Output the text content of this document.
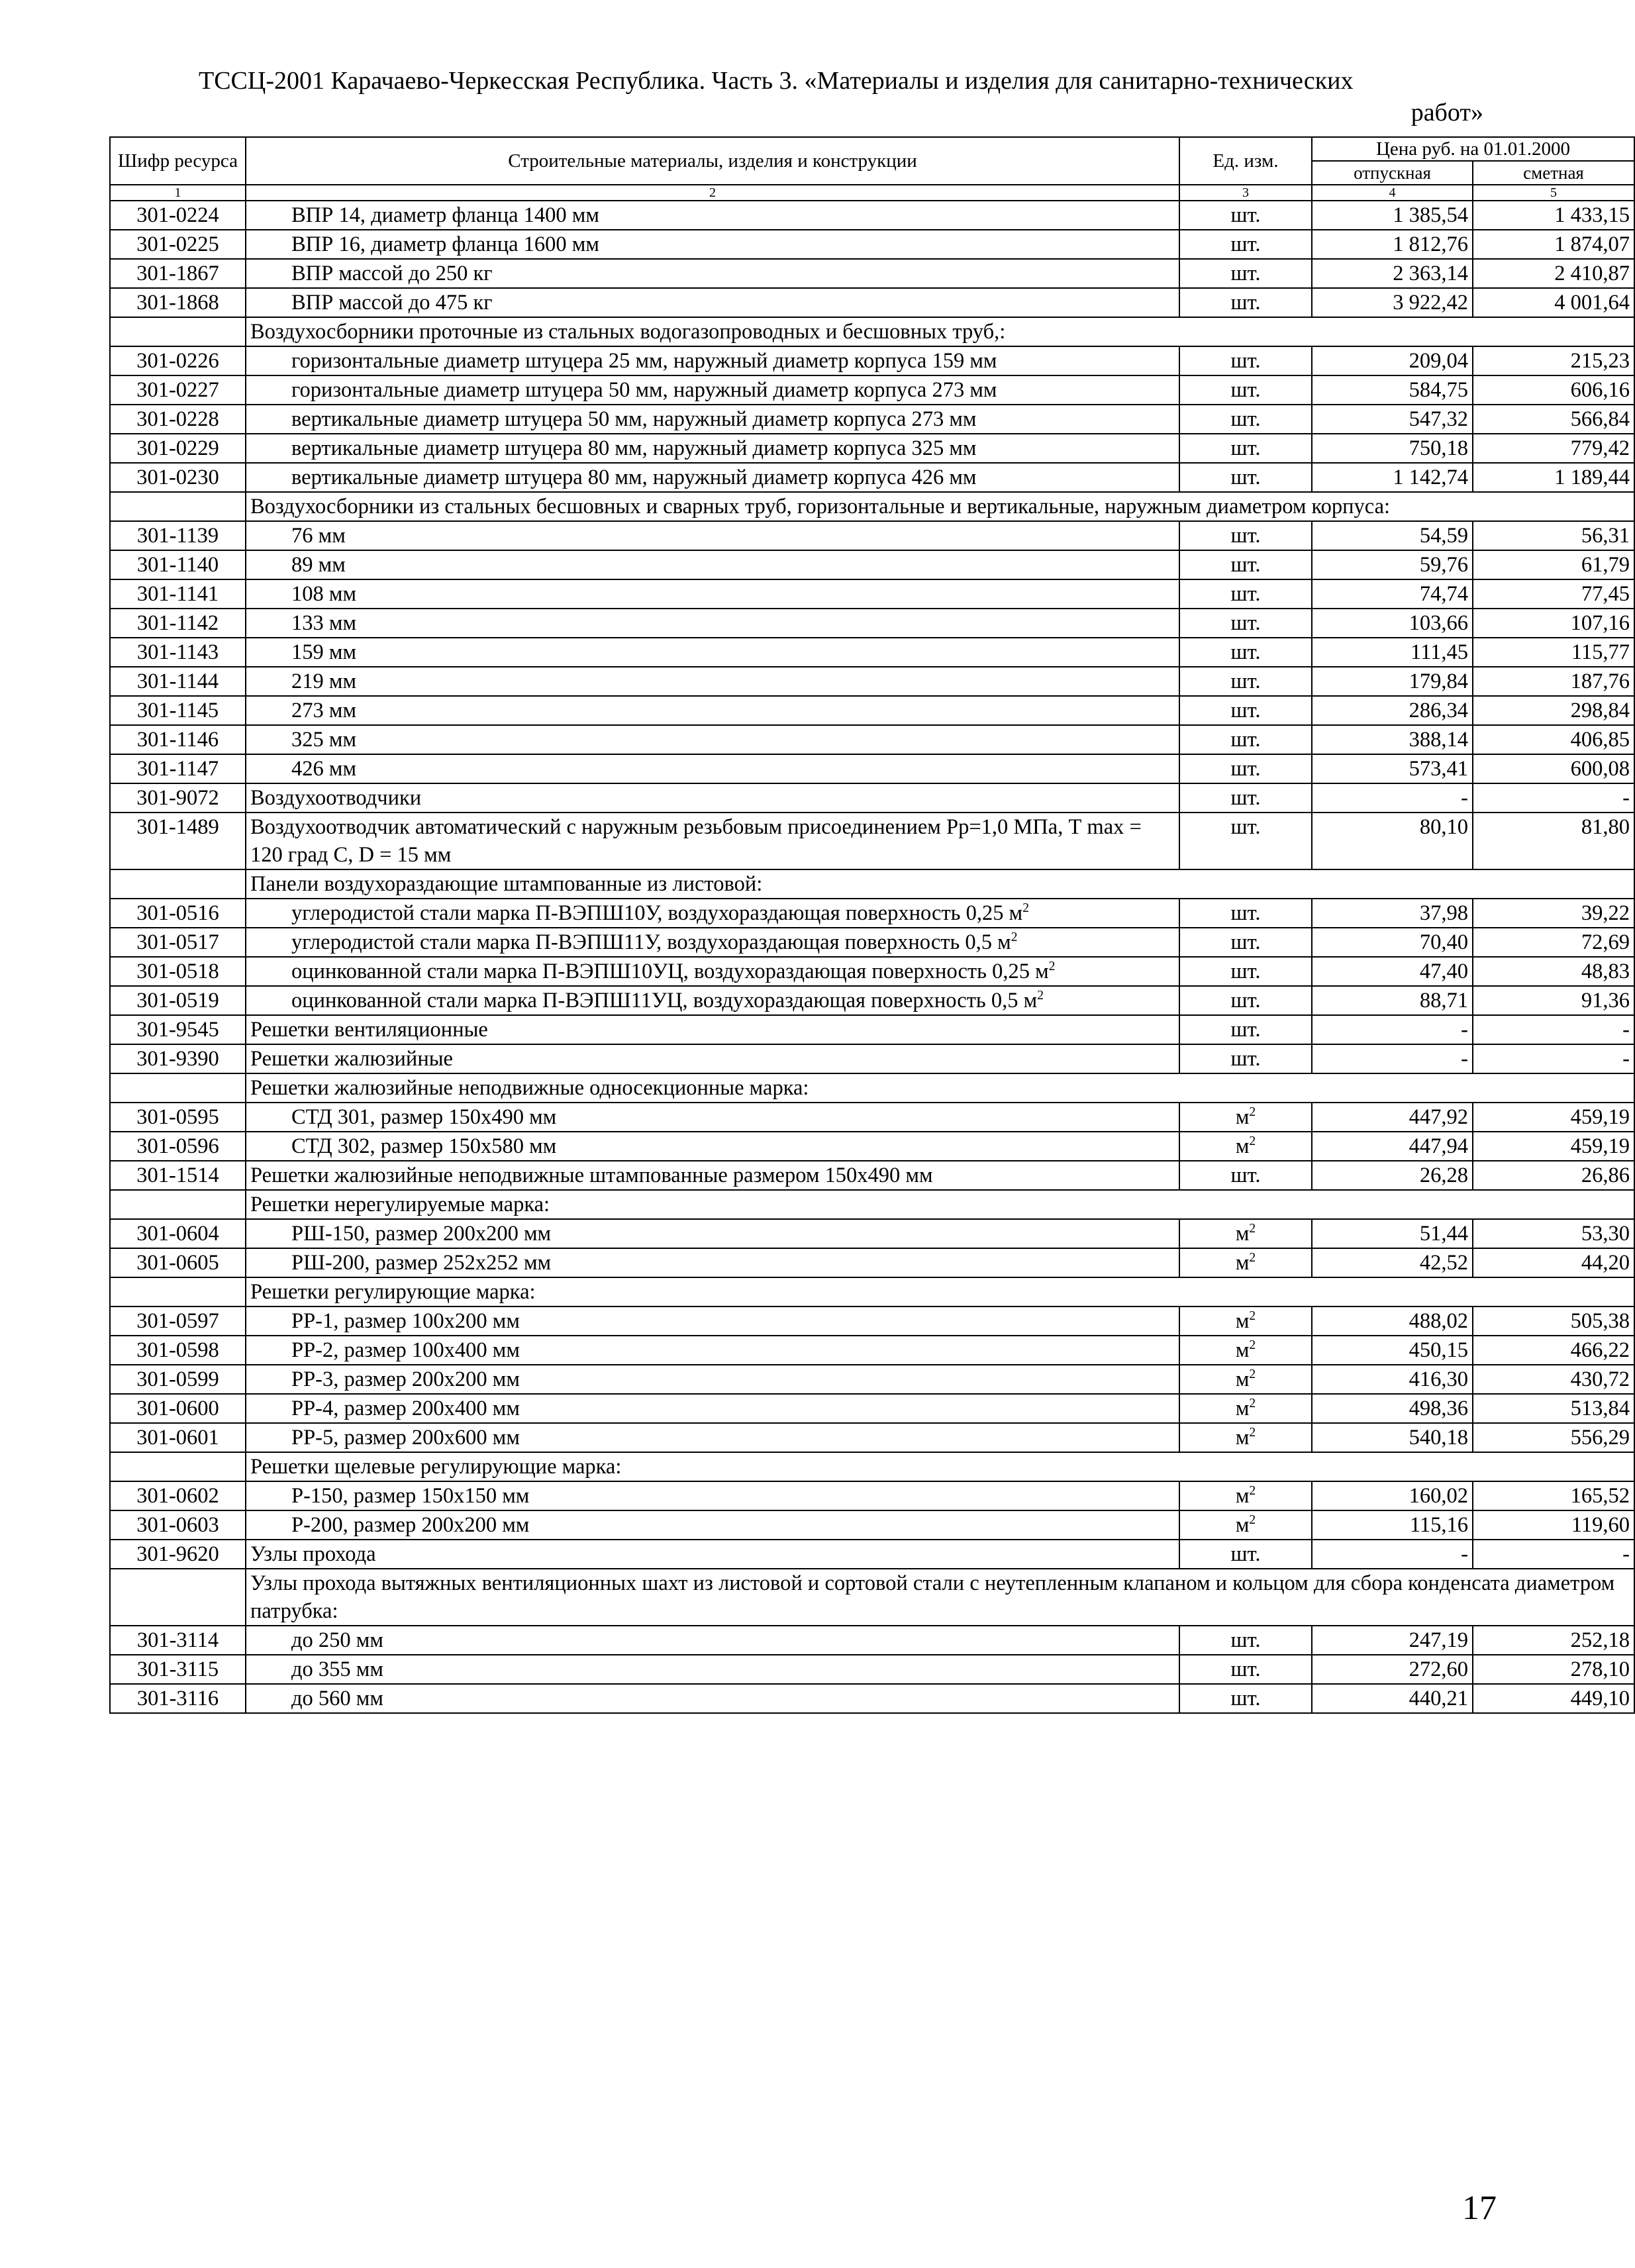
ТССЦ-2001 Карачаево-Черкесская Республика. Часть 3. «Материалы и изделия для санитарно-технических
работ»
Шифр ресурса	Строительные материалы, изделия и конструкции	Ед. изм.	Цена руб. на 01.01.2000	
			отпускная	сметная
1	2	3	4	5
301-0224	ВПР 14, диаметр фланца 1400 мм	шт.	1 385,54	1 433,15
301-0225	ВПР 16, диаметр фланца 1600 мм	шт.	1 812,76	1 874,07
301-1867	ВПР массой до 250 кг	шт.	2 363,14	2 410,87
301-1868	ВПР массой до 475 кг	шт.	3 922,42	4 001,64
	Воздухосборники проточные из стальных водогазопроводных и бесшовных труб,:			
301-0226	горизонтальные диаметр штуцера 25 мм, наружный диаметр корпуса 159 мм	шт.	209,04	215,23
301-0227	горизонтальные диаметр штуцера 50 мм, наружный диаметр корпуса 273 мм	шт.	584,75	606,16
301-0228	вертикальные диаметр штуцера 50 мм, наружный диаметр корпуса 273 мм	шт.	547,32	566,84
301-0229	вертикальные диаметр штуцера 80 мм, наружный диаметр корпуса 325 мм	шт.	750,18	779,42
301-0230	вертикальные диаметр штуцера 80 мм, наружный диаметр корпуса 426 мм	шт.	1 142,74	1 189,44
	Воздухосборники из стальных бесшовных и сварных труб, горизонтальные и вертикальные, наружным диаметром корпуса:			
301-1139	76 мм	шт.	54,59	56,31
301-1140	89 мм	шт.	59,76	61,79
301-1141	108 мм	шт.	74,74	77,45
301-1142	133 мм	шт.	103,66	107,16
301-1143	159 мм	шт.	111,45	115,77
301-1144	219 мм	шт.	179,84	187,76
301-1145	273 мм	шт.	286,34	298,84
301-1146	325 мм	шт.	388,14	406,85
301-1147	426 мм	шт.	573,41	600,08
301-9072	Воздухоотводчики	шт.	-	-
301-1489	Воздухоотводчик автоматический с наружным резьбовым присоединением Рр=1,0 МПа, Т max = 120 град С, D = 15 мм	шт.	80,10	81,80
	Панели воздухораздающие штампованные из листовой:			
301-0516	углеродистой стали марка П-ВЭПШ10У, воздухораздающая поверхность 0,25 $м^2$	шт.	37,98	39,22
301-0517	углеродистой стали марка П-ВЭПШ11У, воздухораздающая поверхность 0,5 $м^2$	шт.	70,40	72,69
301-0518	оцинкованной стали марка П-ВЭПШ10УЦ, воздухораздающая поверхность 0,25 $м^2$	шт.	47,40	48,83
301-0519	оцинкованной стали марка П-ВЭПШ11УЦ, воздухораздающая поверхность 0,5 $м^2$	шт.	88,71	91,36
301-9545	Решетки вентиляционные	шт.	-	-
301-9390	Решетки жалюзийные	шт.	-	-
	Решетки жалюзийные неподвижные односекционные марка:			
301-0595	СТД 301, размер 150x490 мм	$м^2$	447,92	459,19
301-0596	СТД 302, размер 150x580 мм	$м^2$	447,94	459,19
301-1514	Решетки жалюзийные неподвижные штампованные размером 150x490 мм	шт.	26,28	26,86
	Решетки нерегулируемые марка:			
301-0604	РШ-150, размер 200x200 мм	$м^2$	51,44	53,30
301-0605	РШ-200, размер 252x252 мм	$м^2$	42,52	44,20
	Решетки регулирующие марка:			
301-0597	РР-1, размер 100x200 мм	$м^2$	488,02	505,38
301-0598	РР-2, размер 100x400 мм	$м^2$	450,15	466,22
301-0599	РР-3, размер 200x200 мм	$м^2$	416,30	430,72
301-0600	РР-4, размер 200x400 мм	$м^2$	498,36	513,84
301-0601	РР-5, размер 200x600 мм	$м^2$	540,18	556,29
	Решетки щелевые регулирующие марка:			
301-0602	Р-150, размер 150x150 мм	$м^2$	160,02	165,52
301-0603	Р-200, размер 200x200 мм	$м^2$	115,16	119,60
301-9620	Узлы прохода	шт.	-	-
	Узлы прохода вытяжных вентиляционных шахт из листовой и сортовой стали с неутепленным клапаном и кольцом для сбора конденсата диаметром патрубка:			
301-3114	до 250 мм	шт.	247,19	252,18
301-3115	до 355 мм	шт.	272,60	278,10
301-3116	до 560 мм	шт.	440,21	449,10
17
